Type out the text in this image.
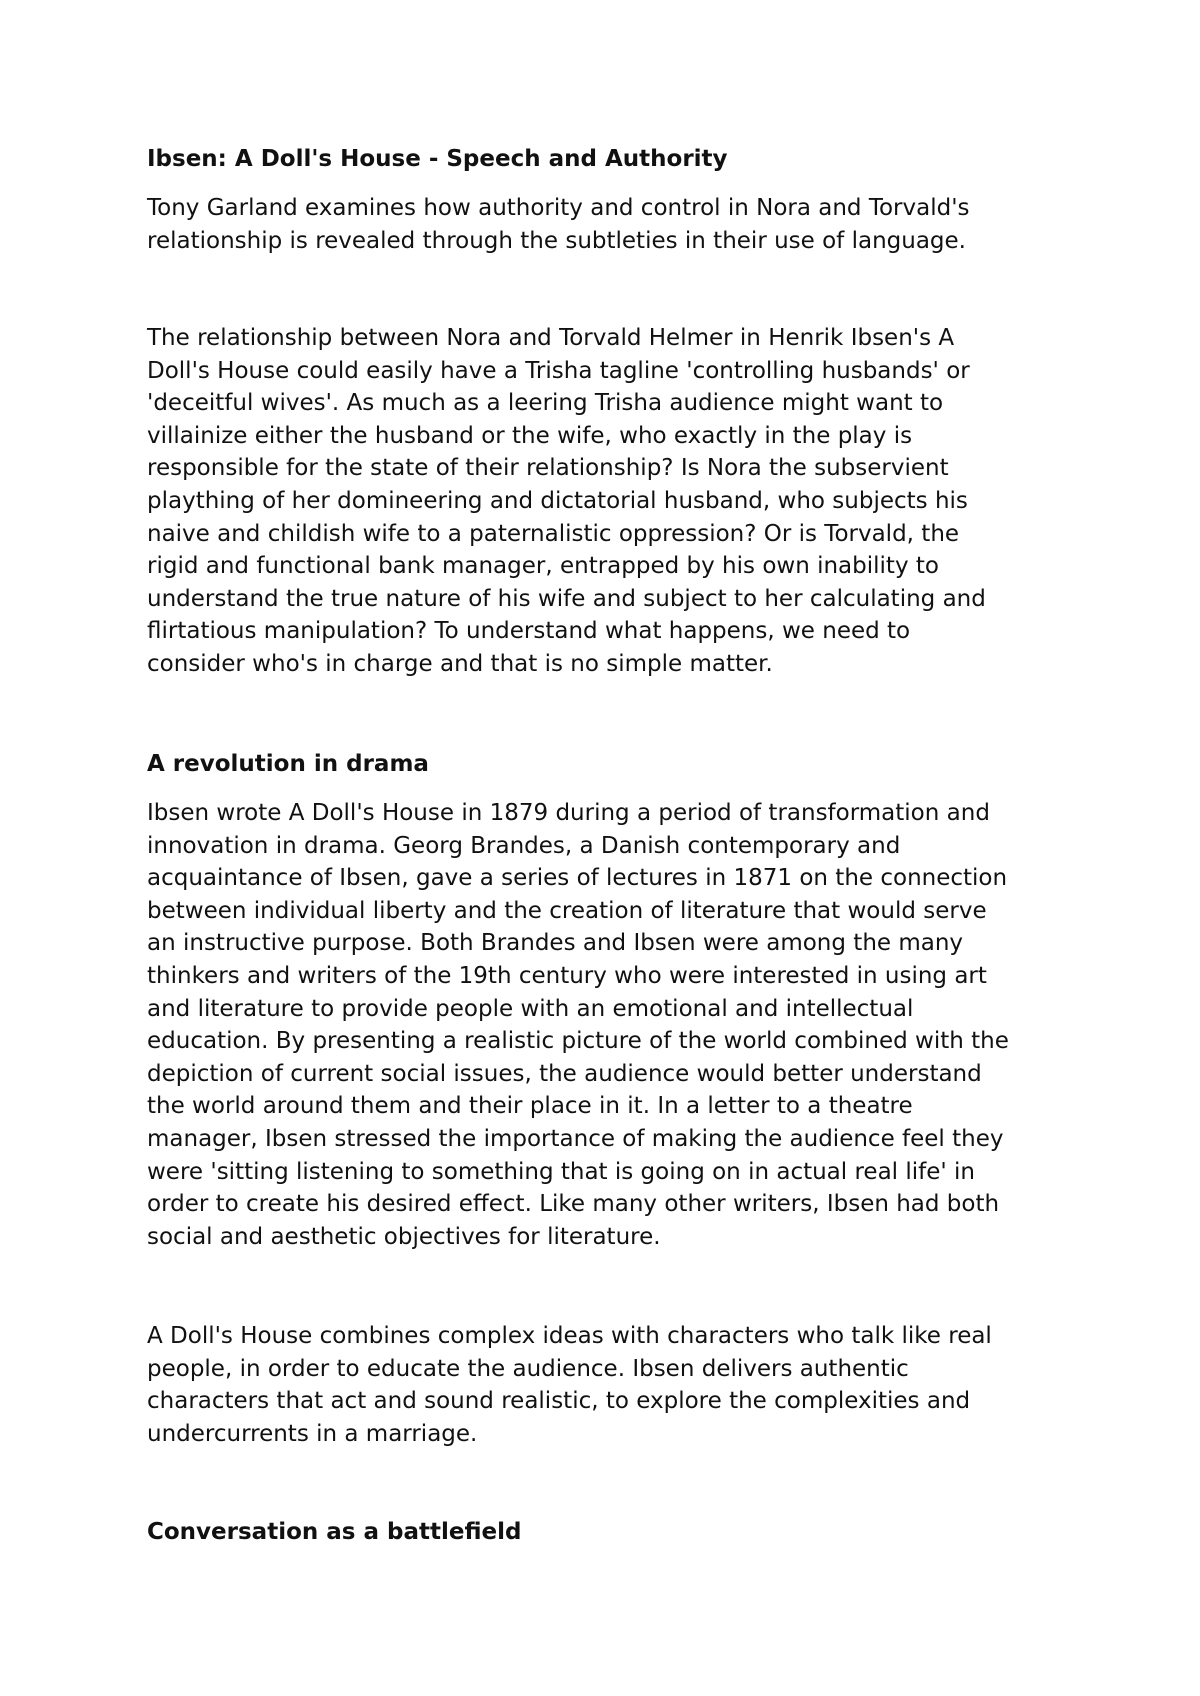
Ibsen: A Doll's House - Speech and Authority

Tony Garland examines how authority and control in Nora and Torvald's
relationship is revealed through the subtleties in their use of language.

The relationship between Nora and Torvald Helmer in Henrik Ibsen's A
Doll's House could easily have a Trisha tagline 'controlling husbands' or
'deceitful wives'. As much as a leering Trisha audience might want to
villainize either the husband or the wife, who exactly in the play is
responsible for the state of their relationship? Is Nora the subservient
plaything of her domineering and dictatorial husband, who subjects his
naive and childish wife to a paternalistic oppression? Or is Torvald, the
rigid and functional bank manager, entrapped by his own inability to
understand the true nature of his wife and subject to her calculating and
flirtatious manipulation? To understand what happens, we need to
consider who's in charge and that is no simple matter.

A revolution in drama

Ibsen wrote A Doll's House in 1879 during a period of transformation and
innovation in drama. Georg Brandes, a Danish contemporary and
acquaintance of Ibsen, gave a series of lectures in 1871 on the connection
between individual liberty and the creation of literature that would serve
an instructive purpose. Both Brandes and Ibsen were among the many
thinkers and writers of the 19th century who were interested in using art
and literature to provide people with an emotional and intellectual
education. By presenting a realistic picture of the world combined with the
depiction of current social issues, the audience would better understand
the world around them and their place in it. In a letter to a theatre
manager, Ibsen stressed the importance of making the audience feel they
were 'sitting listening to something that is going on in actual real life' in
order to create his desired effect. Like many other writers, Ibsen had both
social and aesthetic objectives for literature.

A Doll's House combines complex ideas with characters who talk like real
people, in order to educate the audience. Ibsen delivers authentic
characters that act and sound realistic, to explore the complexities and
undercurrents in a marriage.

Conversation as a battlefield
